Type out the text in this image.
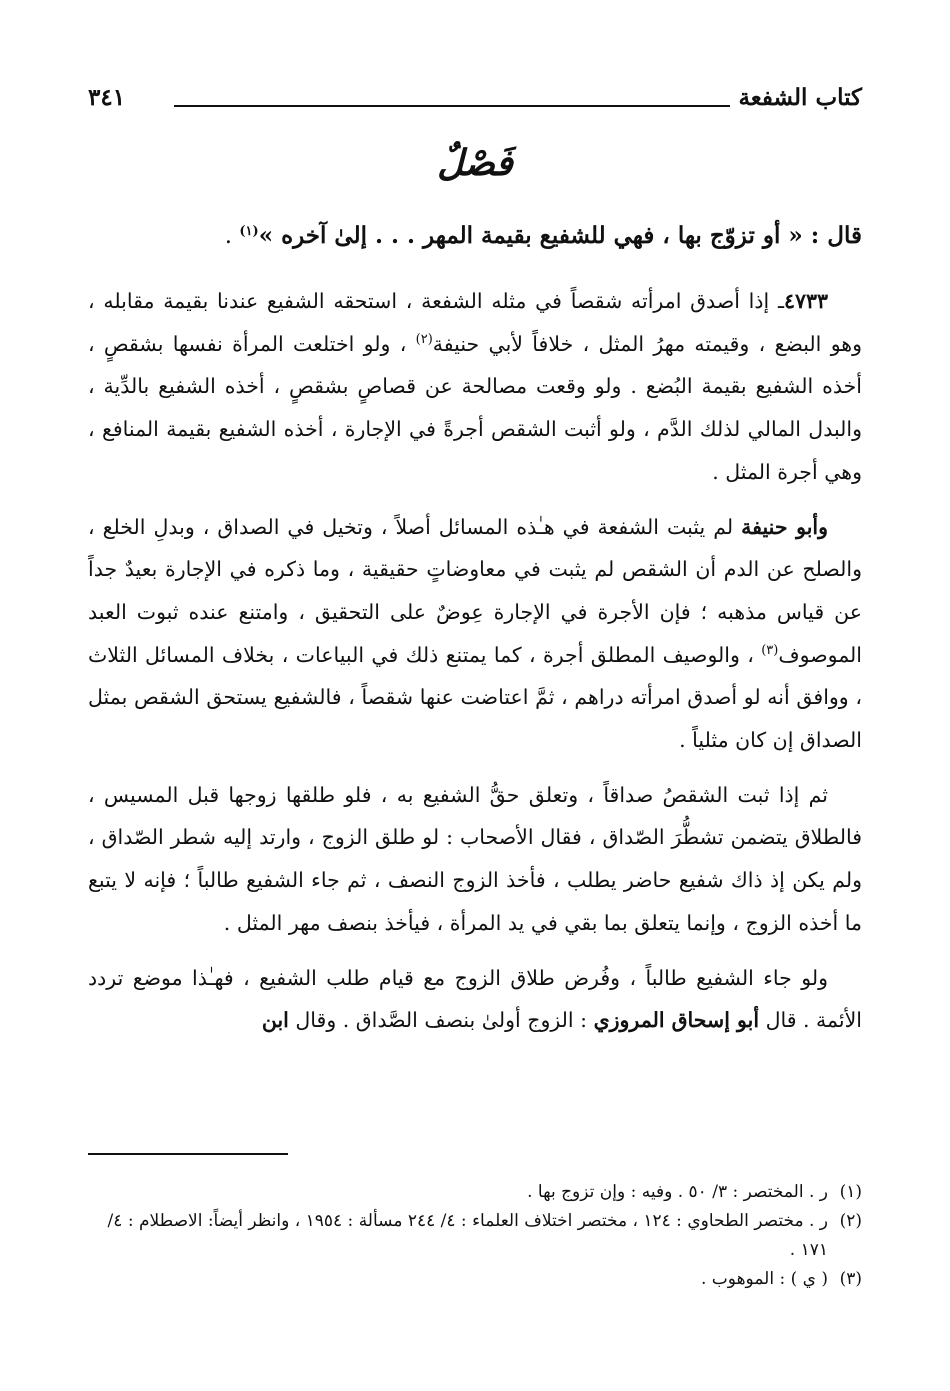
كتاب الشفعة
٣٤١
فَصْلٌ
قال : « أو تزوّج بها ، فهي للشفيع بقيمة المهر . . . إلىٰ آخره »$^{(١)}$ .

٤٧٣٣ـ إذا أصدق امرأته شقصاً في مثله الشفعة ، استحقه الشفيع عندنا بقيمة مقابله ، وهو البضع ، وقيمته مهرُ المثل ، خلافاً لأبي حنيفة$^{(٢)}$ ، ولو اختلعت المرأة نفسها بشقصٍ ، أخذه الشفيع بقيمة البُضع . ولو وقعت مصالحة عن قصاصٍ بشقصٍ ، أخذه الشفيع بالدِّية ، والبدل المالي لذلك الدَّم ، ولو أثبت الشقص أجرةً في الإجارة ، أخذه الشفيع بقيمة المنافع ، وهي أجرة المثل .

وأبو حنيفة لم يثبت الشفعة في هـٰذه المسائل أصلاً ، وتخيل في الصداق ، وبدلِ الخلع ، والصلح عن الدم أن الشقص لم يثبت في معاوضاتٍ حقيقية ، وما ذكره في الإجارة بعيدٌ جداً عن قياس مذهبه ؛ فإن الأجرة في الإجارة عِوضٌ على التحقيق ، وامتنع عنده ثبوت العبد الموصوف$^{(٣)}$ ، والوصيف المطلق أجرة ، كما يمتنع ذلك في البياعات ، بخلاف المسائل الثلاث ، ووافق أنه لو أصدق امرأته دراهم ، ثمَّ اعتاضت عنها شقصاً ، فالشفيع يستحق الشقص بمثل الصداق إن كان مثلياً .

ثم إذا ثبت الشقصُ صداقاً ، وتعلق حقُّ الشفيع به ، فلو طلقها زوجها قبل المسيس ، فالطلاق يتضمن تشطُّرَ الصّداق ، فقال الأصحاب : لو طلق الزوج ، وارتد إليه شطر الصّداق ، ولم يكن إذ ذاك شفيع حاضر يطلب ، فأخذ الزوج النصف ، ثم جاء الشفيع طالباً ؛ فإنه لا يتبع ما أخذه الزوج ، وإنما يتعلق بما بقي في يد المرأة ، فيأخذ بنصف مهر المثل .

ولو جاء الشفيع طالباً ، وفُرض طلاق الزوج مع قيام طلب الشفيع ، فهـٰذا موضع تردد الأئمة . قال أبو إسحاق المروزي : الزوج أولىٰ بنصف الصَّداق . وقال ابن

(١)
ر . المختصر : ٣/ ٥٠ . وفيه : وإن تزوج بها .
(٢)
ر . مختصر الطحاوي : ١٢٤ ، مختصر اختلاف العلماء : ٤/ ٢٤٤ مسألة : ١٩٥٤ ، وانظر أيضاً: الاصطلام : ٤/ ١٧١ .
(٣)
( ي ) : الموهوب .
